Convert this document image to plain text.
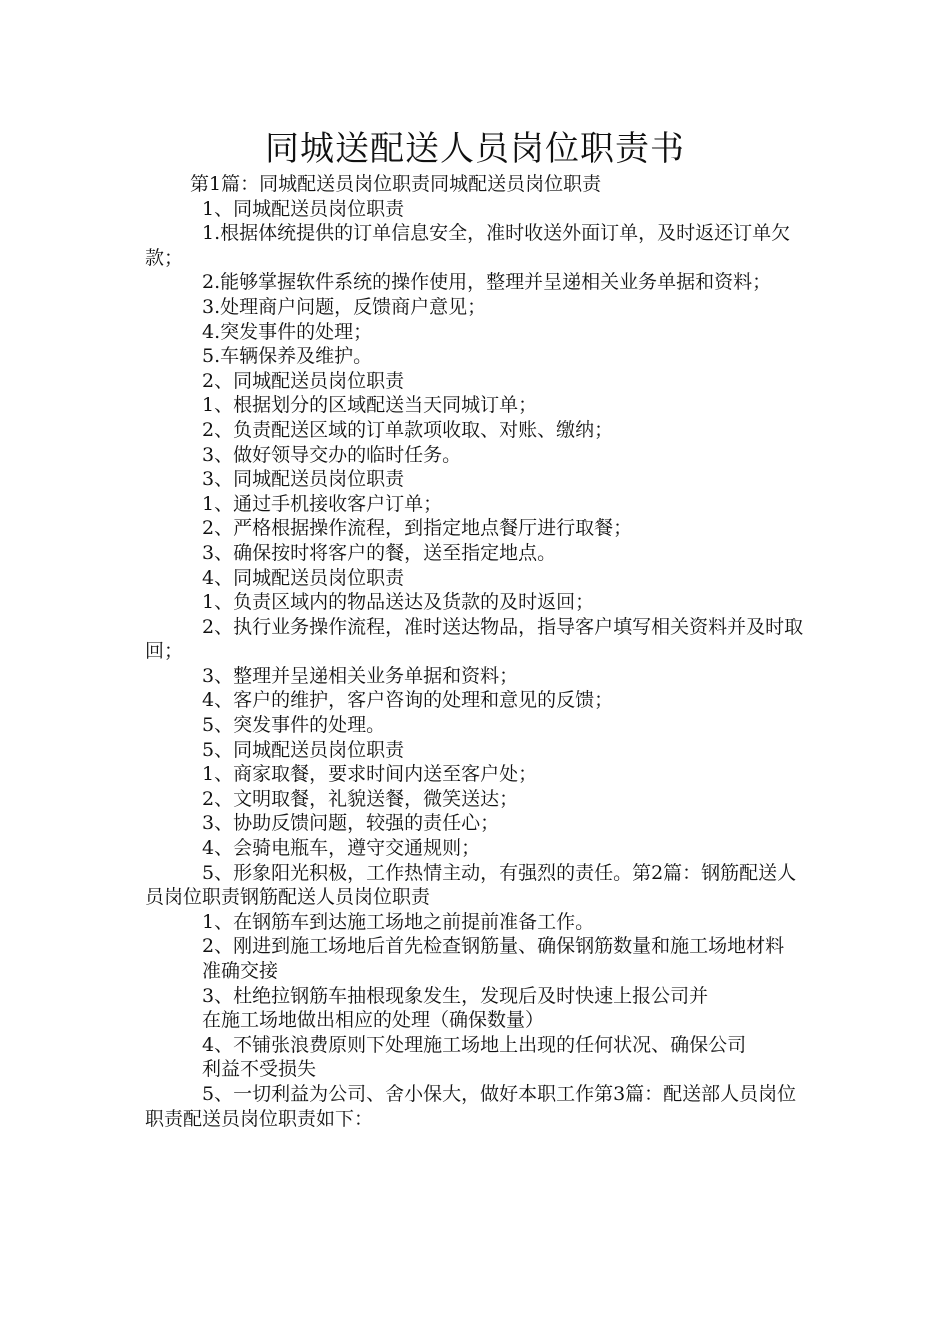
同城送配送人员岗位职责书

第1篇：同城配送员岗位职责同城配送员岗位职责

1、同城配送员岗位职责

1.根据体统提供的订单信息安全，准时收送外面订单，及时返还订单欠款；

2.能够掌握软件系统的操作使用，整理并呈递相关业务单据和资料；

3.处理商户问题，反馈商户意见；

4.突发事件的处理；

5.车辆保养及维护。

2、同城配送员岗位职责

1、根据划分的区域配送当天同城订单；

2、负责配送区域的订单款项收取、对账、缴纳；

3、做好领导交办的临时任务。

3、同城配送员岗位职责

1、通过手机接收客户订单；

2、严格根据操作流程，到指定地点餐厅进行取餐；

3、确保按时将客户的餐，送至指定地点。

4、同城配送员岗位职责

1、负责区域内的物品送达及货款的及时返回；

2、执行业务操作流程，准时送达物品，指导客户填写相关资料并及时取回；

3、整理并呈递相关业务单据和资料；

4、客户的维护，客户咨询的处理和意见的反馈；

5、突发事件的处理。

5、同城配送员岗位职责

1、商家取餐，要求时间内送至客户处；

2、文明取餐，礼貌送餐，微笑送达；

3、协助反馈问题，较强的责任心；

4、会骑电瓶车，遵守交通规则；

5、形象阳光积极，工作热情主动，有强烈的责任。第2篇：钢筋配送人员岗位职责钢筋配送人员岗位职责

1、在钢筋车到达施工场地之前提前准备工作。

2、刚进到施工场地后首先检查钢筋量、确保钢筋数量和施工场地材料

准确交接

3、杜绝拉钢筋车抽根现象发生，发现后及时快速上报公司并

在施工场地做出相应的处理（确保数量）

4、不铺张浪费原则下处理施工场地上出现的任何状况、确保公司

利益不受损失

5、一切利益为公司、舍小保大，做好本职工作第3篇：配送部人员岗位职责配送员岗位职责如下：
